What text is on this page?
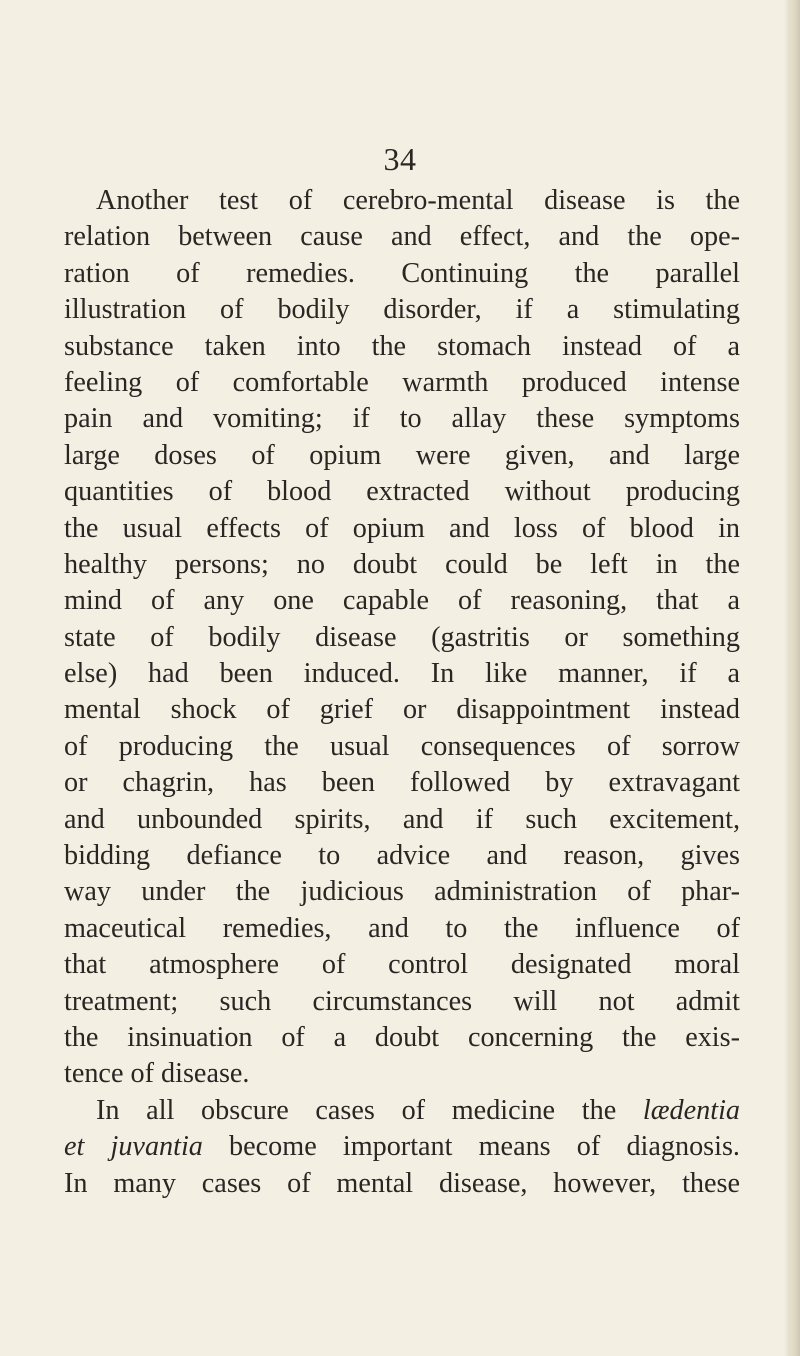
34
Another test of cerebro-mental disease is the
relation between cause and effect, and the ope-
ration of remedies. Continuing the parallel
illustration of bodily disorder, if a stimulating
substance taken into the stomach instead of a
feeling of comfortable warmth produced intense
pain and vomiting; if to allay these symptoms
large doses of opium were given, and large
quantities of blood extracted without producing
the usual effects of opium and loss of blood in
healthy persons; no doubt could be left in the
mind of any one capable of reasoning, that a
state of bodily disease (gastritis or something
else) had been induced. In like manner, if a
mental shock of grief or disappointment instead
of producing the usual consequences of sorrow
or chagrin, has been followed by extravagant
and unbounded spirits, and if such excitement,
bidding defiance to advice and reason, gives
way under the judicious administration of phar-
maceutical remedies, and to the influence of
that atmosphere of control designated moral
treatment; such circumstances will not admit
the insinuation of a doubt concerning the exis-
tence of disease.
In all obscure cases of medicine the lædentia
et juvantia become important means of diagnosis.
In many cases of mental disease, however, these
